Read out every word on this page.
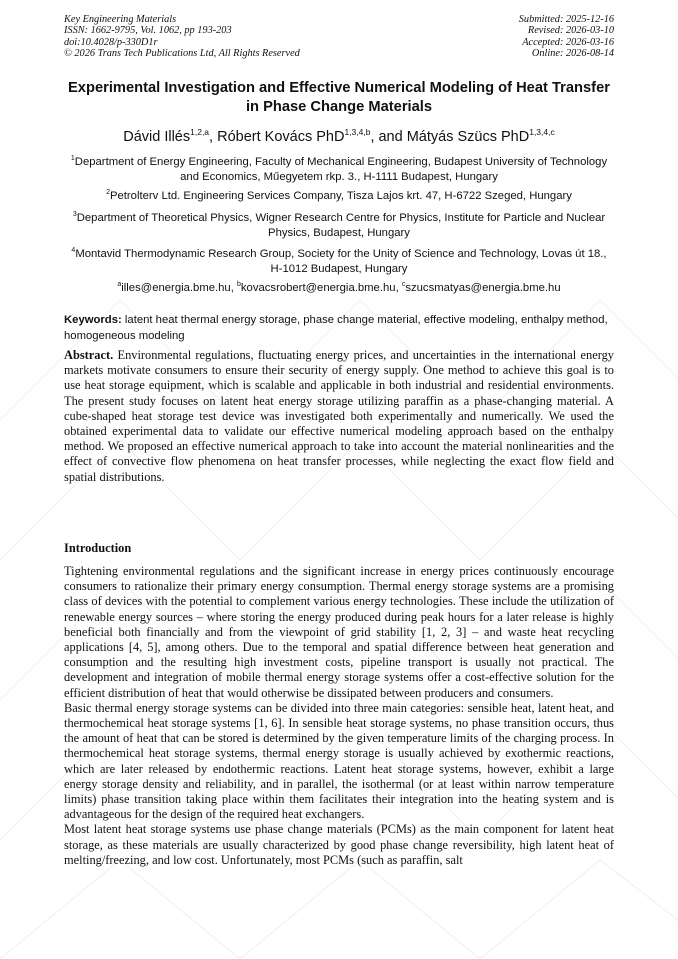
Key Engineering Materials
ISSN: 1662-9795, Vol. 1062, pp 193-203
doi:10.4028/p-330D1r
© 2026 Trans Tech Publications Ltd, All Rights Reserved
Submitted: 2025-12-16
Revised: 2026-03-10
Accepted: 2026-03-16
Online: 2026-08-14
Experimental Investigation and Effective Numerical Modeling of Heat Transfer in Phase Change Materials
Dávid Illés$^{1,2,a}$, Róbert Kovács PhD$^{1,3,4,b}$, and Mátyás Szücs PhD$^{1,3,4,c}$
$^1$Department of Energy Engineering, Faculty of Mechanical Engineering, Budapest University of Technology and Economics, Műegyetem rkp. 3., H-1111 Budapest, Hungary
$^2$Petrolterv Ltd. Engineering Services Company, Tisza Lajos krt. 47, H-6722 Szeged, Hungary
$^3$Department of Theoretical Physics, Wigner Research Centre for Physics, Institute for Particle and Nuclear Physics, Budapest, Hungary
$^4$Montavid Thermodynamic Research Group, Society for the Unity of Science and Technology, Lovas út 18., H-1012 Budapest, Hungary
$^a$illes@energia.bme.hu, $^b$kovacsrobert@energia.bme.hu, $^c$szucsmatyas@energia.bme.hu
Keywords: latent heat thermal energy storage, phase change material, effective modeling, enthalpy method, homogeneous modeling
Abstract. Environmental regulations, fluctuating energy prices, and uncertainties in the international energy markets motivate consumers to ensure their security of energy supply. One method to achieve this goal is to use heat storage equipment, which is scalable and applicable in both industrial and residential environments. The present study focuses on latent heat energy storage utilizing paraffin as a phase-changing material. A cube-shaped heat storage test device was investigated both experimentally and numerically. We used the obtained experimental data to validate our effective numerical modeling approach based on the enthalpy method. We proposed an effective numerical approach to take into account the material nonlinearities and the effect of convective flow phenomena on heat transfer processes, while neglecting the exact flow field and spatial distributions.
Introduction

Tightening environmental regulations and the significant increase in energy prices continuously encourage consumers to rationalize their primary energy consumption. Thermal energy storage systems are a promising class of devices with the potential to complement various energy technologies. These include the utilization of renewable energy sources – where storing the energy produced during peak hours for a later release is highly beneficial both financially and from the viewpoint of grid stability [1, 2, 3] – and waste heat recycling applications [4, 5], among others. Due to the temporal and spatial difference between heat generation and consumption and the resulting high investment costs, pipeline transport is usually not practical. The development and integration of mobile thermal energy storage systems offer a cost-effective solution for the efficient distribution of heat that would otherwise be dissipated between producers and consumers.

Basic thermal energy storage systems can be divided into three main categories: sensible heat, latent heat, and thermochemical heat storage systems [1, 6]. In sensible heat storage systems, no phase transition occurs, thus the amount of heat that can be stored is determined by the given temperature limits of the charging process. In thermochemical heat storage systems, thermal energy storage is usually achieved by exothermic reactions, which are later released by endothermic reactions. Latent heat storage systems, however, exhibit a large energy storage density and reliability, and in parallel, the isothermal (or at least within narrow temperature limits) phase transition taking place within them facilitates their integration into the heating system and is advantageous for the design of the required heat exchangers.

Most latent heat storage systems use phase change materials (PCMs) as the main component for latent heat storage, as these materials are usually characterized by good phase change reversibility, high latent heat of melting/freezing, and low cost. Unfortunately, most PCMs (such as paraffin, salt
